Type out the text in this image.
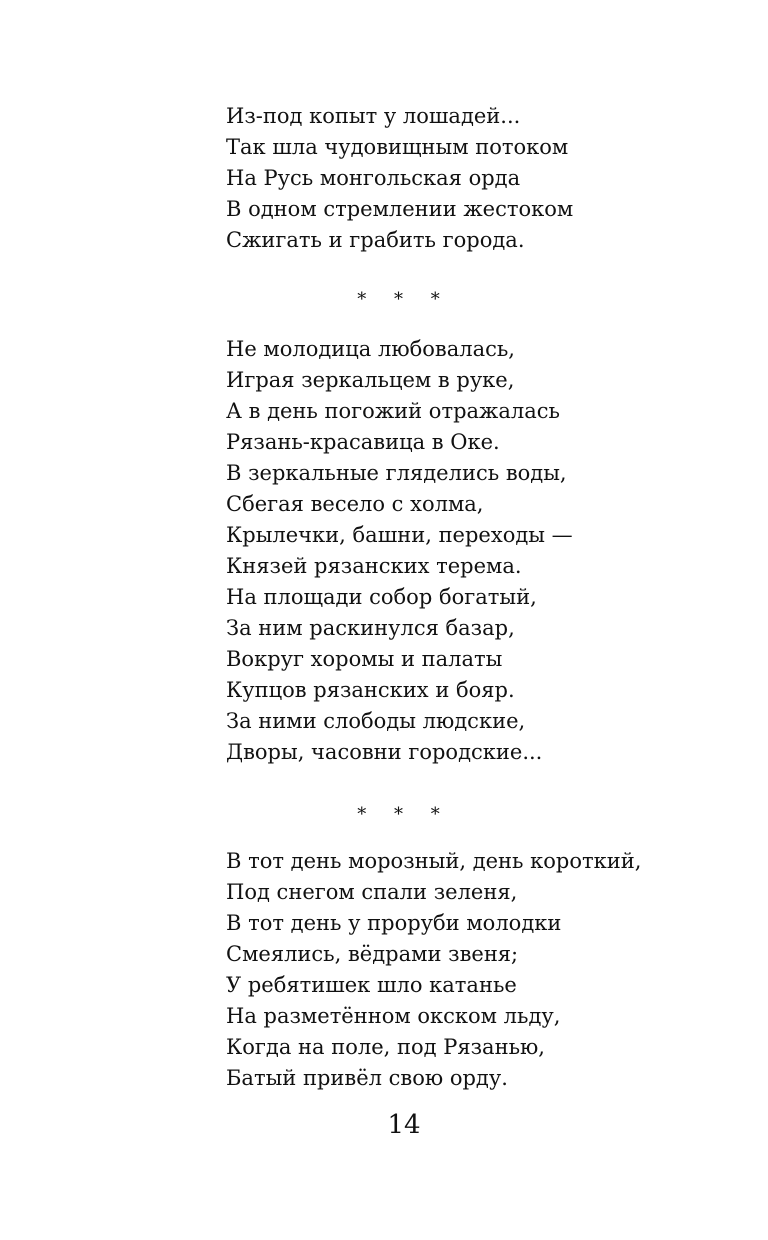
Из-под копыт у лошадей...
Так шла чудовищным потоком
На Русь монгольская орда
В одном стремлении жестоком
Сжигать и грабить города.
* * *
Не молодица любовалась,
Играя зеркальцем в руке,
А в день погожий отражалась
Рязань-красавица в Оке.
В зеркальные гляделись воды,
Сбегая весело с холма,
Крылечки, башни, переходы —
Князей рязанских терема.
На площади собор богатый,
За ним раскинулся базар,
Вокруг хоромы и палаты
Купцов рязанских и бояр.
За ними слободы людские,
Дворы, часовни городские...
* * *
В тот день морозный, день короткий,
Под снегом спали зеленя,
В тот день у проруби молодки
Смеялись, вёдрами звеня;
У ребятишек шло катанье
На разметённом окском льду,
Когда на поле, под Рязанью,
Батый привёл свою орду.
14
